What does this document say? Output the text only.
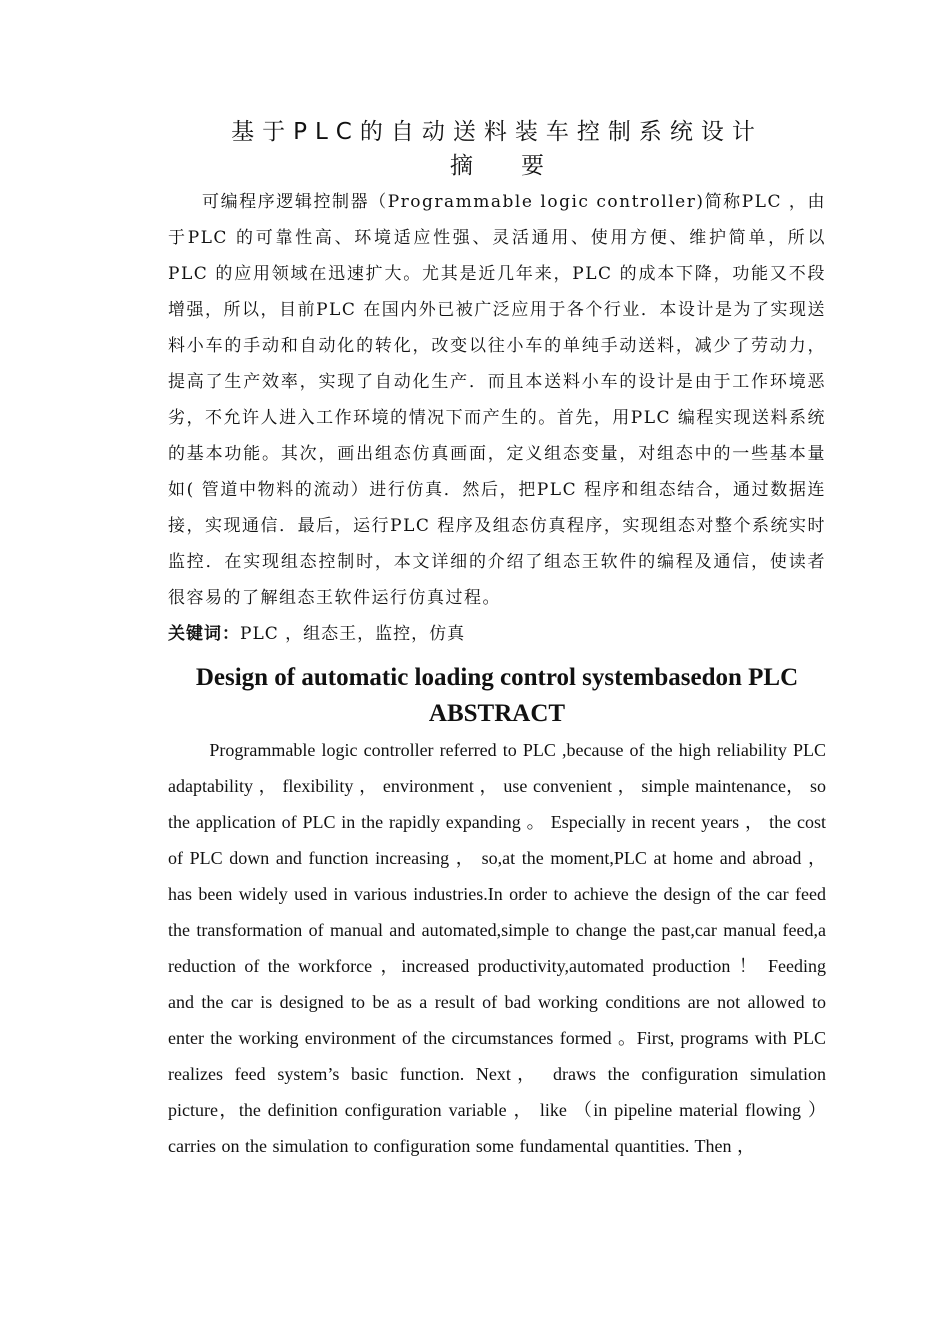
基于PLC的自动送料装车控制系统设计
摘要

可编程序逻辑控制器（Programmable logic controller)简称PLC ，由于PLC 的可靠性高、环境适应性强、灵活通用、使用方便、维护简单，所以PLC 的应用领域在迅速扩大。尤其是近几年来，PLC 的成本下降，功能又不段增强，所以，目前PLC 在国内外已被广泛应用于各个行业．本设计是为了实现送料小车的手动和自动化的转化，改变以往小车的单纯手动送料，减少了劳动力，提高了生产效率，实现了自动化生产．而且本送料小车的设计是由于工作环境恶劣，不允许人进入工作环境的情况下而产生的。首先，用PLC 编程实现送料系统的基本功能。其次，画出组态仿真画面，定义组态变量，对组态中的一些基本量如( 管道中物料的流动）进行仿真．然后，把PLC 程序和组态结合，通过数据连接，实现通信．最后，运行PLC 程序及组态仿真程序，实现组态对整个系统实时监控．在实现组态控制时，本文详细的介绍了组态王软件的编程及通信，使读者很容易的了解组态王软件运行仿真过程。

关键词：PLC ，组态王，监控，仿真

Design of automatic loading control systembasedon PLC
ABSTRACT

Programmable logic controller referred to PLC ,because of the high reliability PLC adaptability ， flexibility ， environment ， use convenient ， simple maintenance， so the application of PLC in the rapidly expanding 。 Especially in recent years ， the cost of PLC down and function increasing ， so,at the moment,PLC at home and abroad ， has been widely used in various industries.In order to achieve the design of the car feed the transformation of manual and automated,simple to change the past,car manual feed,a reduction of the workforce ，increased productivity,automated production ！ Feeding and the car is designed to be as a result of bad working conditions are not allowed to enter the working environment of the circumstances formed 。First, programs with PLC realizes feed system’s basic function. Next， draws the configuration simulation picture，the definition configuration variable ， like （in pipeline material flowing ） carries on the simulation to configuration some fundamental quantities. Then ，
